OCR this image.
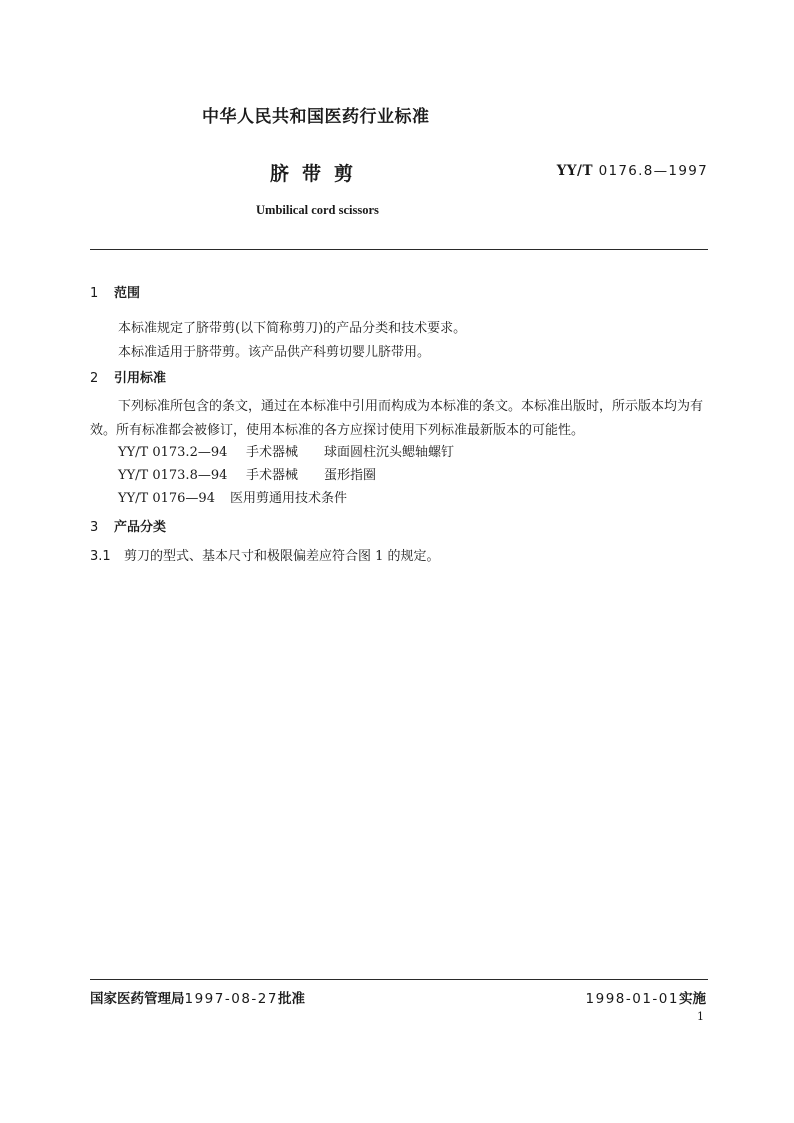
中华人民共和国医药行业标准
脐带剪	YY/T 0176.8—1997
Umbilical cord scissors
1 范围
本标准规定了脐带剪(以下简称剪刀)的产品分类和技术要求。
本标准适用于脐带剪。该产品供产科剪切婴儿脐带用。
2 引用标准
下列标准所包含的条文，通过在本标准中引用而构成为本标准的条文。本标准出版时，所示版本均为有效。所有标准都会被修订，使用本标准的各方应探讨使用下列标准最新版本的可能性。
YY/T 0173.2—94 手术器械 球面圆柱沉头鳃轴螺钉
YY/T 0173.8—94 手术器械 蛋形指圈
YY/T 0176—94 医用剪通用技术条件
3 产品分类
3.1 剪刀的型式、基本尺寸和极限偏差应符合图 1 的规定。
国家医药管理局1997-08-27批准	1998-01-01实施
1
